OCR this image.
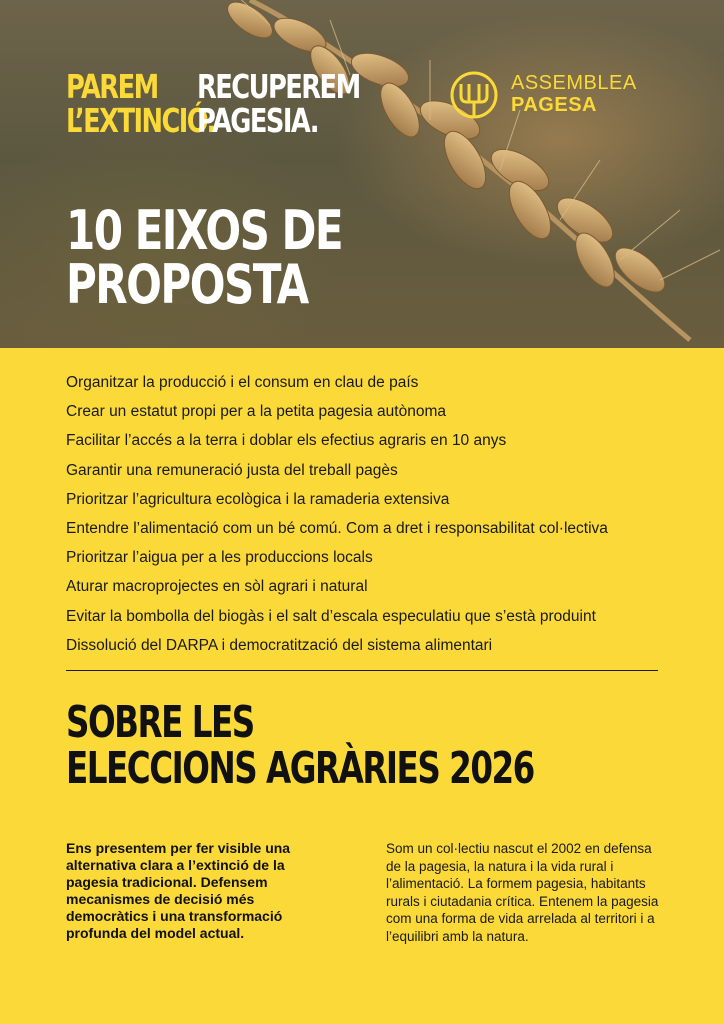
PAREM
L’EXTINCIÓ.
RECUPEREM
PAGESIA.
ASSEMBLEA
PAGESA
10 EIXOS DE
PROPOSTA
Organitzar la producció i el consum en clau de país
Crear un estatut propi per a la petita pagesia autònoma
Facilitar l’accés a la terra i doblar els efectius agraris en 10 anys
Garantir una remuneració justa del treball pagès
Prioritzar l’agricultura ecològica i la ramaderia extensiva
Entendre l’alimentació com un bé comú. Com a dret i responsabilitat col·lectiva
Prioritzar l’aigua per a les produccions locals
Aturar macroprojectes en sòl agrari i natural
Evitar la bombolla del biogàs i el salt d’escala especulatiu que s’està produint
Dissolució del DARPA i democratització del sistema alimentari
SOBRE LES
ELECCIONS AGRÀRIES 2026
Ens presentem per fer visible una alternativa clara a l’extinció de la pagesia tradicional. Defensem mecanismes de decisió més democràtics i una transformació profunda del model actual.
Som un col·lectiu nascut el 2002 en defensa de la pagesia, la natura i la vida rural i l’alimentació. La formem pagesia, habitants rurals i ciutadania crítica. Entenem la pagesia com una forma de vida arrelada al territori i a l’equilibri amb la natura.
